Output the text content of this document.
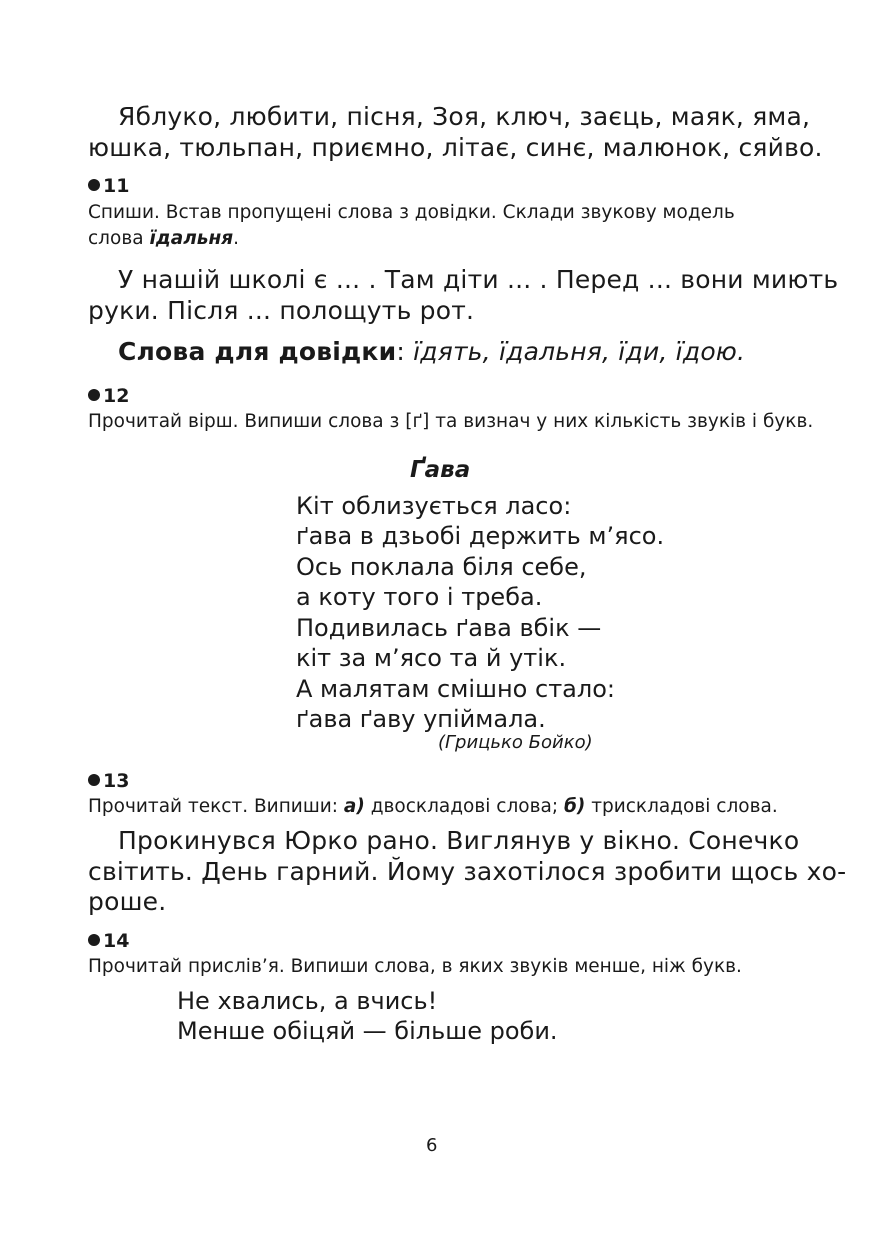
Яблуко, любити, пісня, Зоя, ключ, заєць, маяк, яма,
юшка, тюльпан, приємно, літає, синє, малюнок, сяйво.
11
Спиши. Встав пропущені слова з довідки. Склади звукову модель
слова їдальня.
У нашій школі є ... . Там діти ... . Перед ... вони миють
руки. Після ... полощуть рот.
Слова для довідки: їдять, їдальня, їди, їдою.
12
Прочитай вірш. Випиши слова з [ґ] та визнач у них кількість звуків і букв.
Ґава
Кіт облизується ласо:
ґава в дзьобі держить м’ясо.
Ось поклала біля себе,
а коту того і треба.
Подивилась ґава вбік —
кіт за м’ясо та й утік.
А малятам смішно стало:
ґава ґаву упіймала.
(Грицько Бойко)
13
Прочитай текст. Випиши: а) двоскладові слова; б) трискладові слова.
Прокинувся Юрко рано. Виглянув у вікно. Сонечко
світить. День гарний. Йому захотілося зробити щось хо-
роше.
14
Прочитай прислів’я. Випиши слова, в яких звуків менше, ніж букв.
Не хвались, а вчись!
Менше обіцяй — більше роби.
6
